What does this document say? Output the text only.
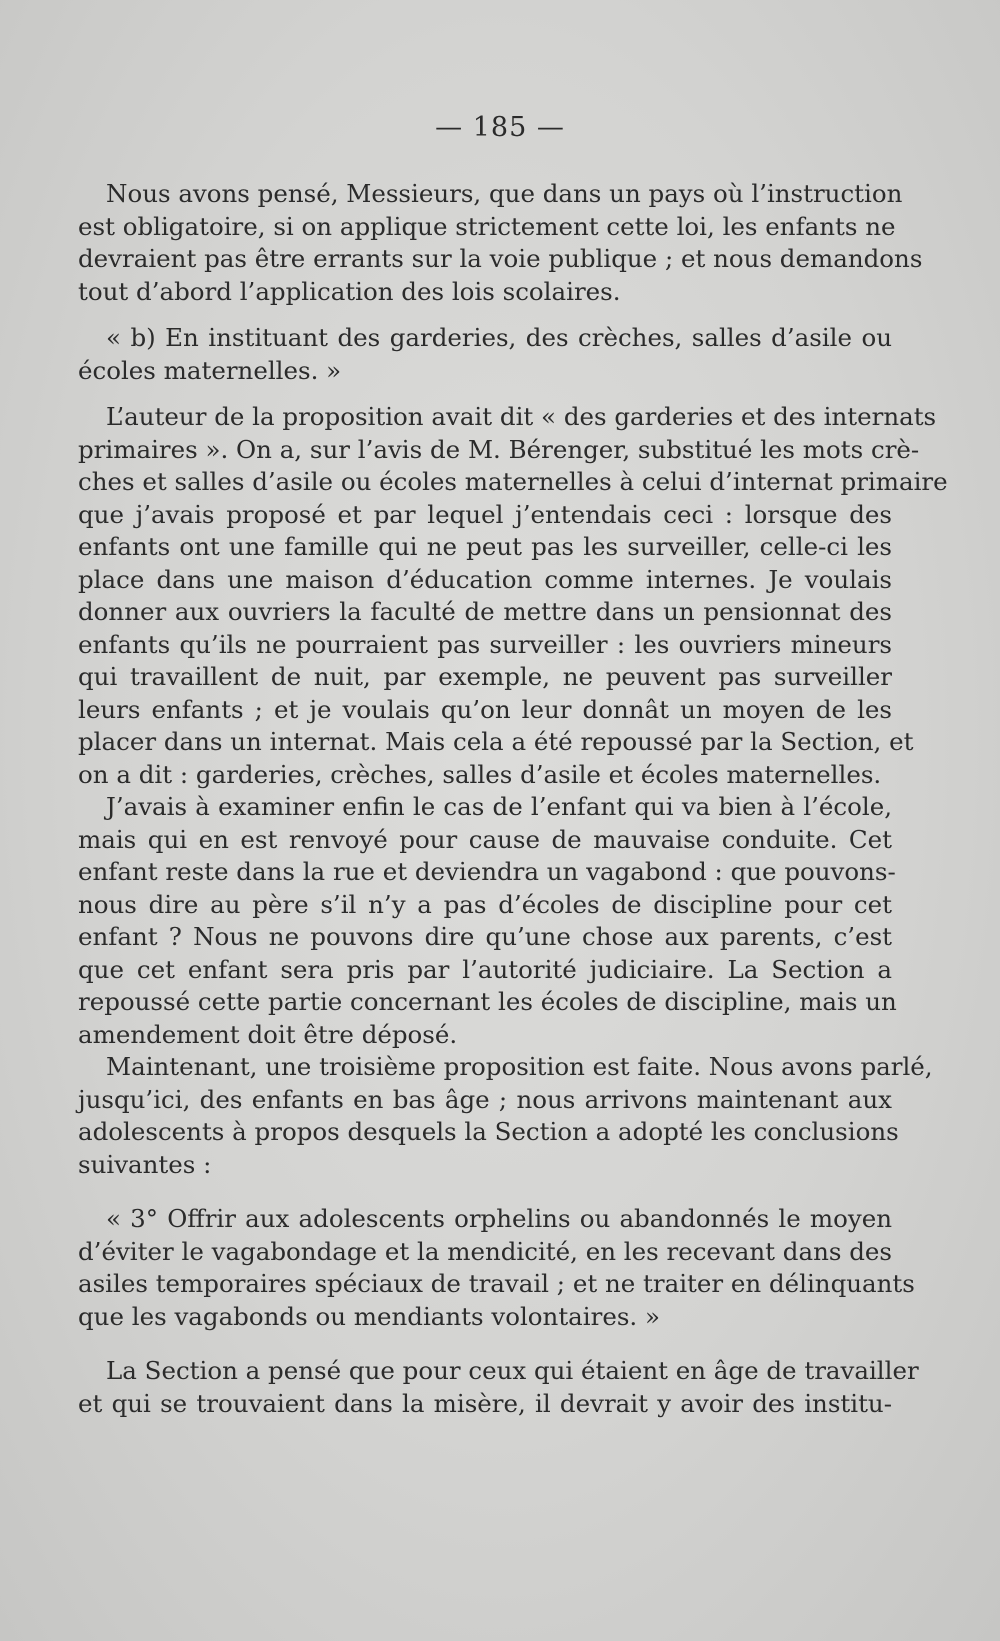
— 185 —
Nous avons pensé, Messieurs, que dans un pays où l’instruction
est obligatoire, si on applique strictement cette loi, les enfants ne
devraient pas être errants sur la voie publique ; et nous demandons
tout d’abord l’application des lois scolaires.
« b) En instituant des garderies, des crèches, salles d’asile ou
écoles maternelles. »
L’auteur de la proposition avait dit « des garderies et des internats
primaires ». On a, sur l’avis de M. Bérenger, substitué les mots crè-
ches et salles d’asile ou écoles maternelles à celui d’internat primaire
que j’avais proposé et par lequel j’entendais ceci : lorsque des
enfants ont une famille qui ne peut pas les surveiller, celle-ci les
place dans une maison d’éducation comme internes. Je voulais
donner aux ouvriers la faculté de mettre dans un pensionnat des
enfants qu’ils ne pourraient pas surveiller : les ouvriers mineurs
qui travaillent de nuit, par exemple, ne peuvent pas surveiller
leurs enfants ; et je voulais qu’on leur donnât un moyen de les
placer dans un internat. Mais cela a été repoussé par la Section, et
on a dit : garderies, crèches, salles d’asile et écoles maternelles.
J’avais à examiner enfin le cas de l’enfant qui va bien à l’école,
mais qui en est renvoyé pour cause de mauvaise conduite. Cet
enfant reste dans la rue et deviendra un vagabond : que pouvons-
nous dire au père s’il n’y a pas d’écoles de discipline pour cet
enfant ? Nous ne pouvons dire qu’une chose aux parents, c’est
que cet enfant sera pris par l’autorité judiciaire. La Section a
repoussé cette partie concernant les écoles de discipline, mais un
amendement doit être déposé.
Maintenant, une troisième proposition est faite. Nous avons parlé,
jusqu’ici, des enfants en bas âge ; nous arrivons maintenant aux
adolescents à propos desquels la Section a adopté les conclusions
suivantes :
« 3° Offrir aux adolescents orphelins ou abandonnés le moyen
d’éviter le vagabondage et la mendicité, en les recevant dans des
asiles temporaires spéciaux de travail ; et ne traiter en délinquants
que les vagabonds ou mendiants volontaires. »
La Section a pensé que pour ceux qui étaient en âge de travailler
et qui se trouvaient dans la misère, il devrait y avoir des institu-
